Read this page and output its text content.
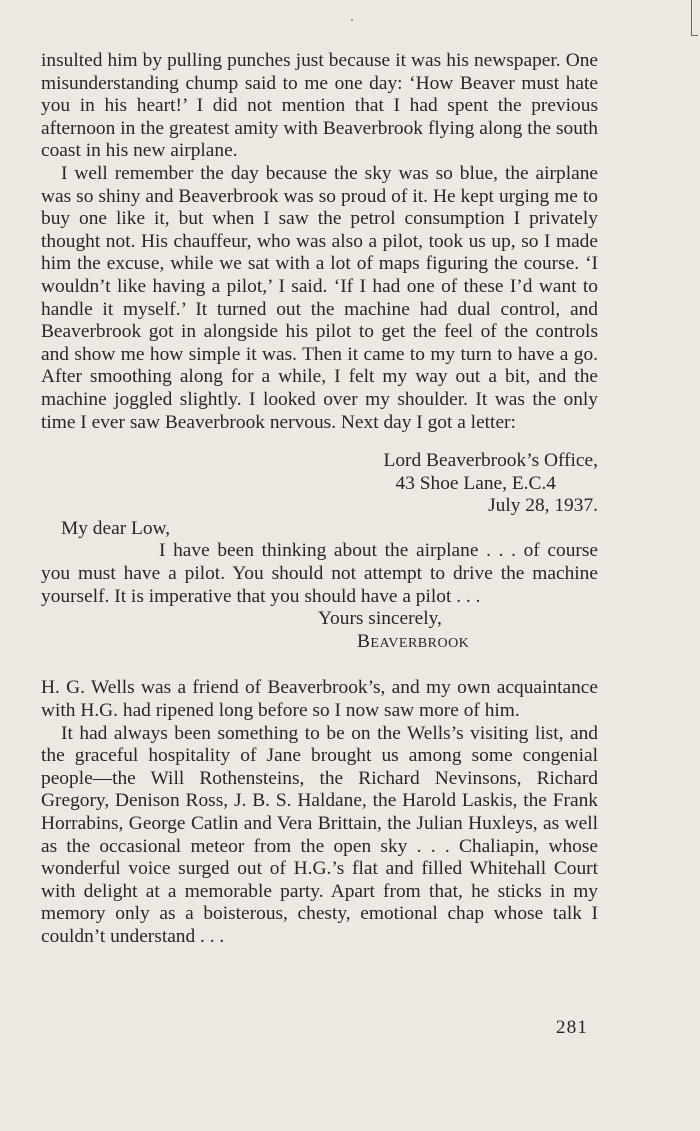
insulted him by pulling punches just because it was his newspaper. One misunderstanding chump said to me one day: ‘How Beaver must hate you in his heart!’ I did not mention that I had spent the previous afternoon in the greatest amity with Beaverbrook flying along the south coast in his new airplane.

I well remember the day because the sky was so blue, the airplane was so shiny and Beaverbrook was so proud of it. He kept urging me to buy one like it, but when I saw the petrol consumption I privately thought not. His chauffeur, who was also a pilot, took us up, so I made him the excuse, while we sat with a lot of maps figuring the course. ‘I wouldn’t like having a pilot,’ I said. ‘If I had one of these I’d want to handle it myself.’ It turned out the machine had dual control, and Beaverbrook got in alongside his pilot to get the feel of the controls and show me how simple it was. Then it came to my turn to have a go. After smoothing along for a while, I felt my way out a bit, and the machine joggled slightly. I looked over my shoulder. It was the only time I ever saw Beaverbrook nervous. Next day I got a letter:

Lord Beaverbrook’s Office,
43 Shoe Lane, E.C.4
July 28, 1937.

My dear Low,

I have been thinking about the airplane . . . of course you must have a pilot. You should not attempt to drive the machine yourself. It is imperative that you should have a pilot . . .

Yours sincerely,

Beaverbrook

H. G. Wells was a friend of Beaverbrook’s, and my own acquaintance with H.G. had ripened long before so I now saw more of him.

It had always been something to be on the Wells’s visiting list, and the graceful hospitality of Jane brought us among some congenial people—the Will Rothensteins, the Richard Nevinsons, Richard Gregory, Denison Ross, J. B. S. Haldane, the Harold Laskis, the Frank Horrabins, George Catlin and Vera Brittain, the Julian Huxleys, as well as the occasional meteor from the open sky . . . Chaliapin, whose wonderful voice surged out of H.G.’s flat and filled Whitehall Court with delight at a memorable party. Apart from that, he sticks in my memory only as a boisterous, chesty, emotional chap whose talk I couldn’t understand . . .

281
